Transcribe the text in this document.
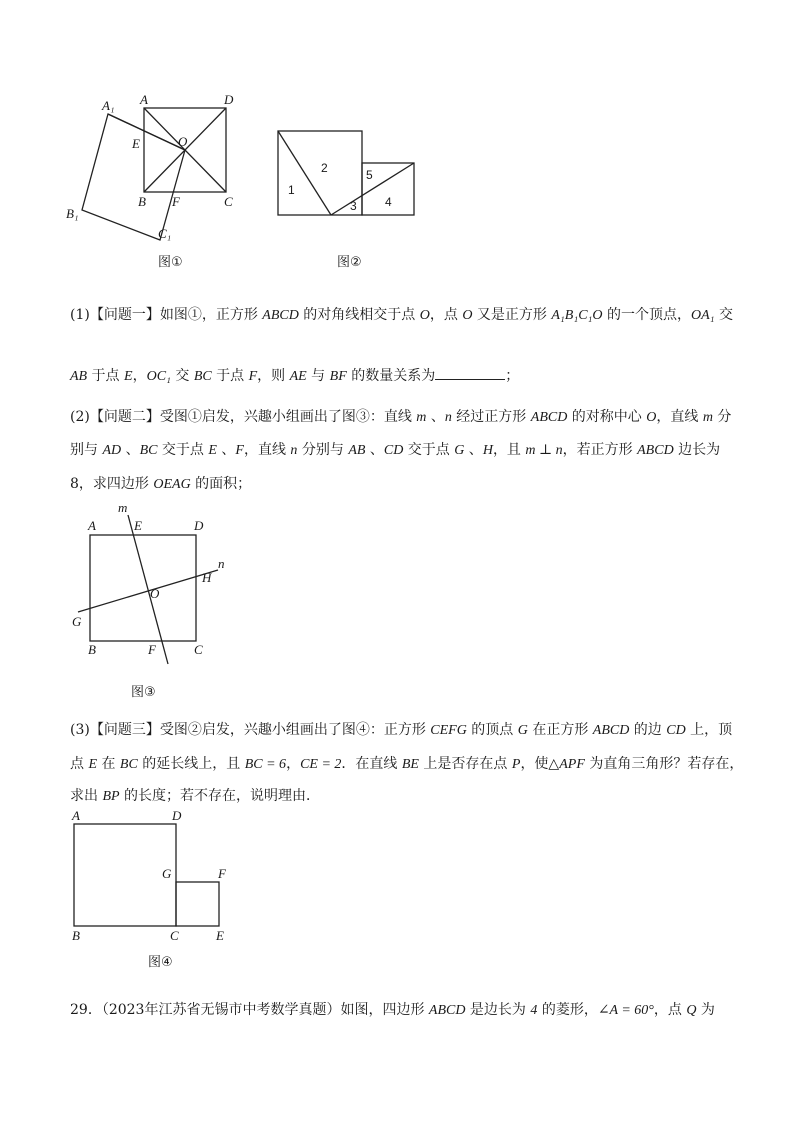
A₁ A	D
E	O
B₁
B F	C
C₁
图①
1
2
3 4
5
图②
(1)【问题一】如图①，正方形 ABCD 的对角线相交于点 O，点 O 又是正方形 A₁B₁C₁O 的一个顶点，OA₁ 交
AB 于点 E，OC₁ 交 BC 于点 F，则 AE 与 BF 的数量关系为	；
(2)【问题二】受图①启发，兴趣小组画出了图③：直线 m 、n 经过正方形 ABCD 的对称中心 O，直线 m 分
别与 AD 、BC 交于点 E 、F，直线 n 分别与 AB 、CD 交于点 G 、H，且 m ⊥ n，若正方形 ABCD 边长为
8，求四边形 OEAG 的面积；
m
A	E	D
n
H
O
G
B	F	C
图③
(3)【问题三】受图②启发，兴趣小组画出了图④：正方形 CEFG 的顶点 G 在正方形 ABCD 的边 CD 上，顶
点 E 在 BC 的延长线上，且 BC = 6，CE = 2．在直线 BE 上是否存在点 P，使△APF 为直角三角形？若存在，
求出 BP 的长度；若不存在，说明理由．
A	D
G	F
B	C	E
图④
29．（2023年江苏省无锡市中考数学真题）如图，四边形 ABCD 是边长为 4 的菱形，∠A = 60°，点 Q 为
